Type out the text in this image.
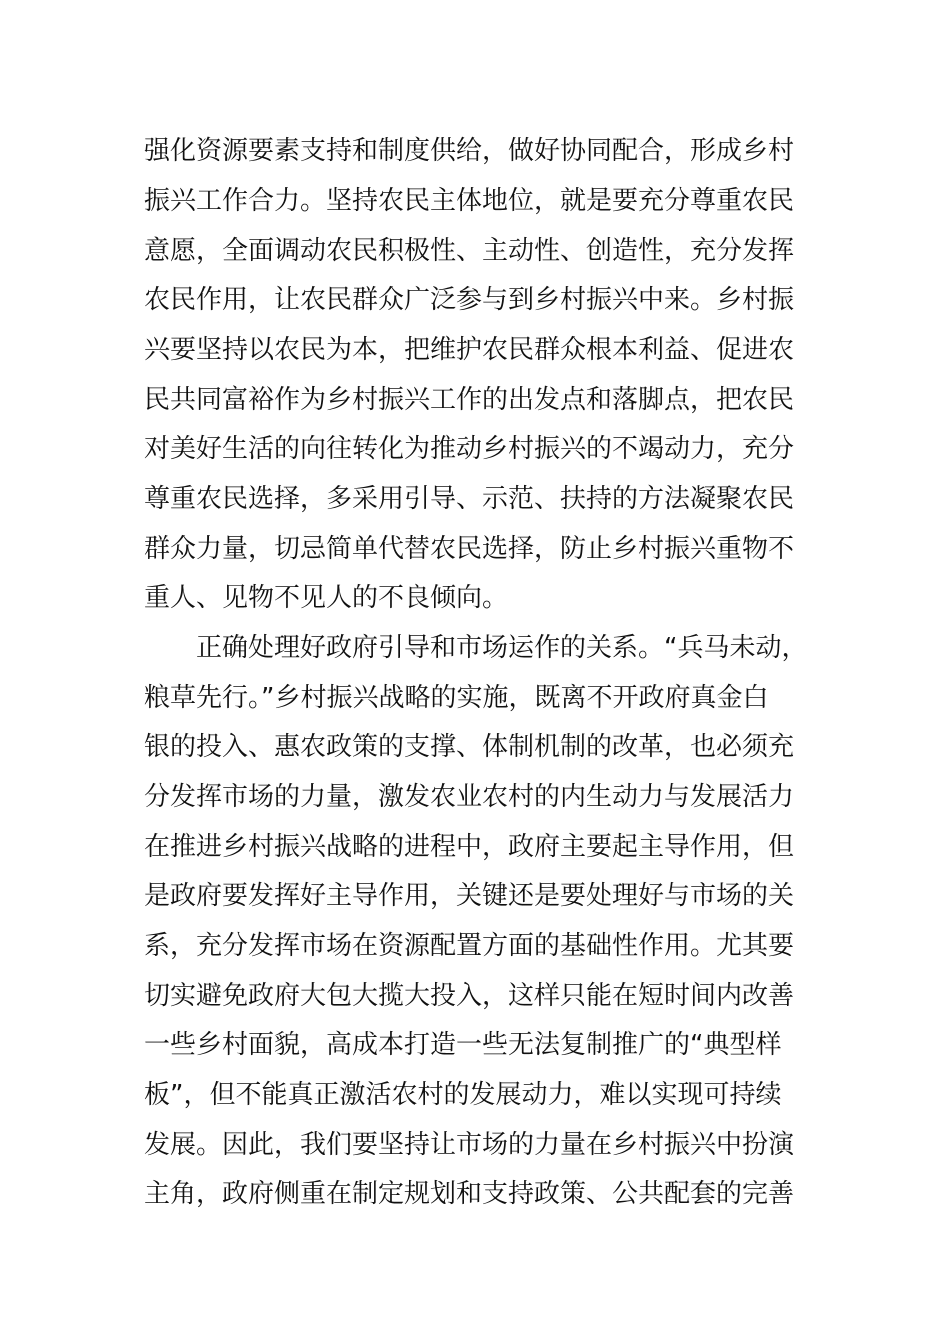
强化资源要素支持和制度供给，做好协同配合，形成乡村
振兴工作合力。坚持农民主体地位，就是要充分尊重农民
意愿，全面调动农民积极性、主动性、创造性，充分发挥
农民作用，让农民群众广泛参与到乡村振兴中来。乡村振
兴要坚持以农民为本，把维护农民群众根本利益、促进农
民共同富裕作为乡村振兴工作的出发点和落脚点，把农民
对美好生活的向往转化为推动乡村振兴的不竭动力，充分
尊重农民选择，多采用引导、示范、扶持的方法凝聚农民
群众力量，切忌简单代替农民选择，防止乡村振兴重物不
重人、见物不见人的不良倾向。
正确处理好政府引导和市场运作的关系。“兵马未动，
粮草先行。”乡村振兴战略的实施，既离不开政府真金白
银的投入、惠农政策的支撑、体制机制的改革，也必须充
分发挥市场的力量，激发农业农村的内生动力与发展活力
在推进乡村振兴战略的进程中，政府主要起主导作用，但
是政府要发挥好主导作用，关键还是要处理好与市场的关
系，充分发挥市场在资源配置方面的基础性作用。尤其要
切实避免政府大包大揽大投入，这样只能在短时间内改善
一些乡村面貌，高成本打造一些无法复制推广的“典型样
板”，但不能真正激活农村的发展动力，难以实现可持续
发展。因此，我们要坚持让市场的力量在乡村振兴中扮演
主角，政府侧重在制定规划和支持政策、公共配套的完善
